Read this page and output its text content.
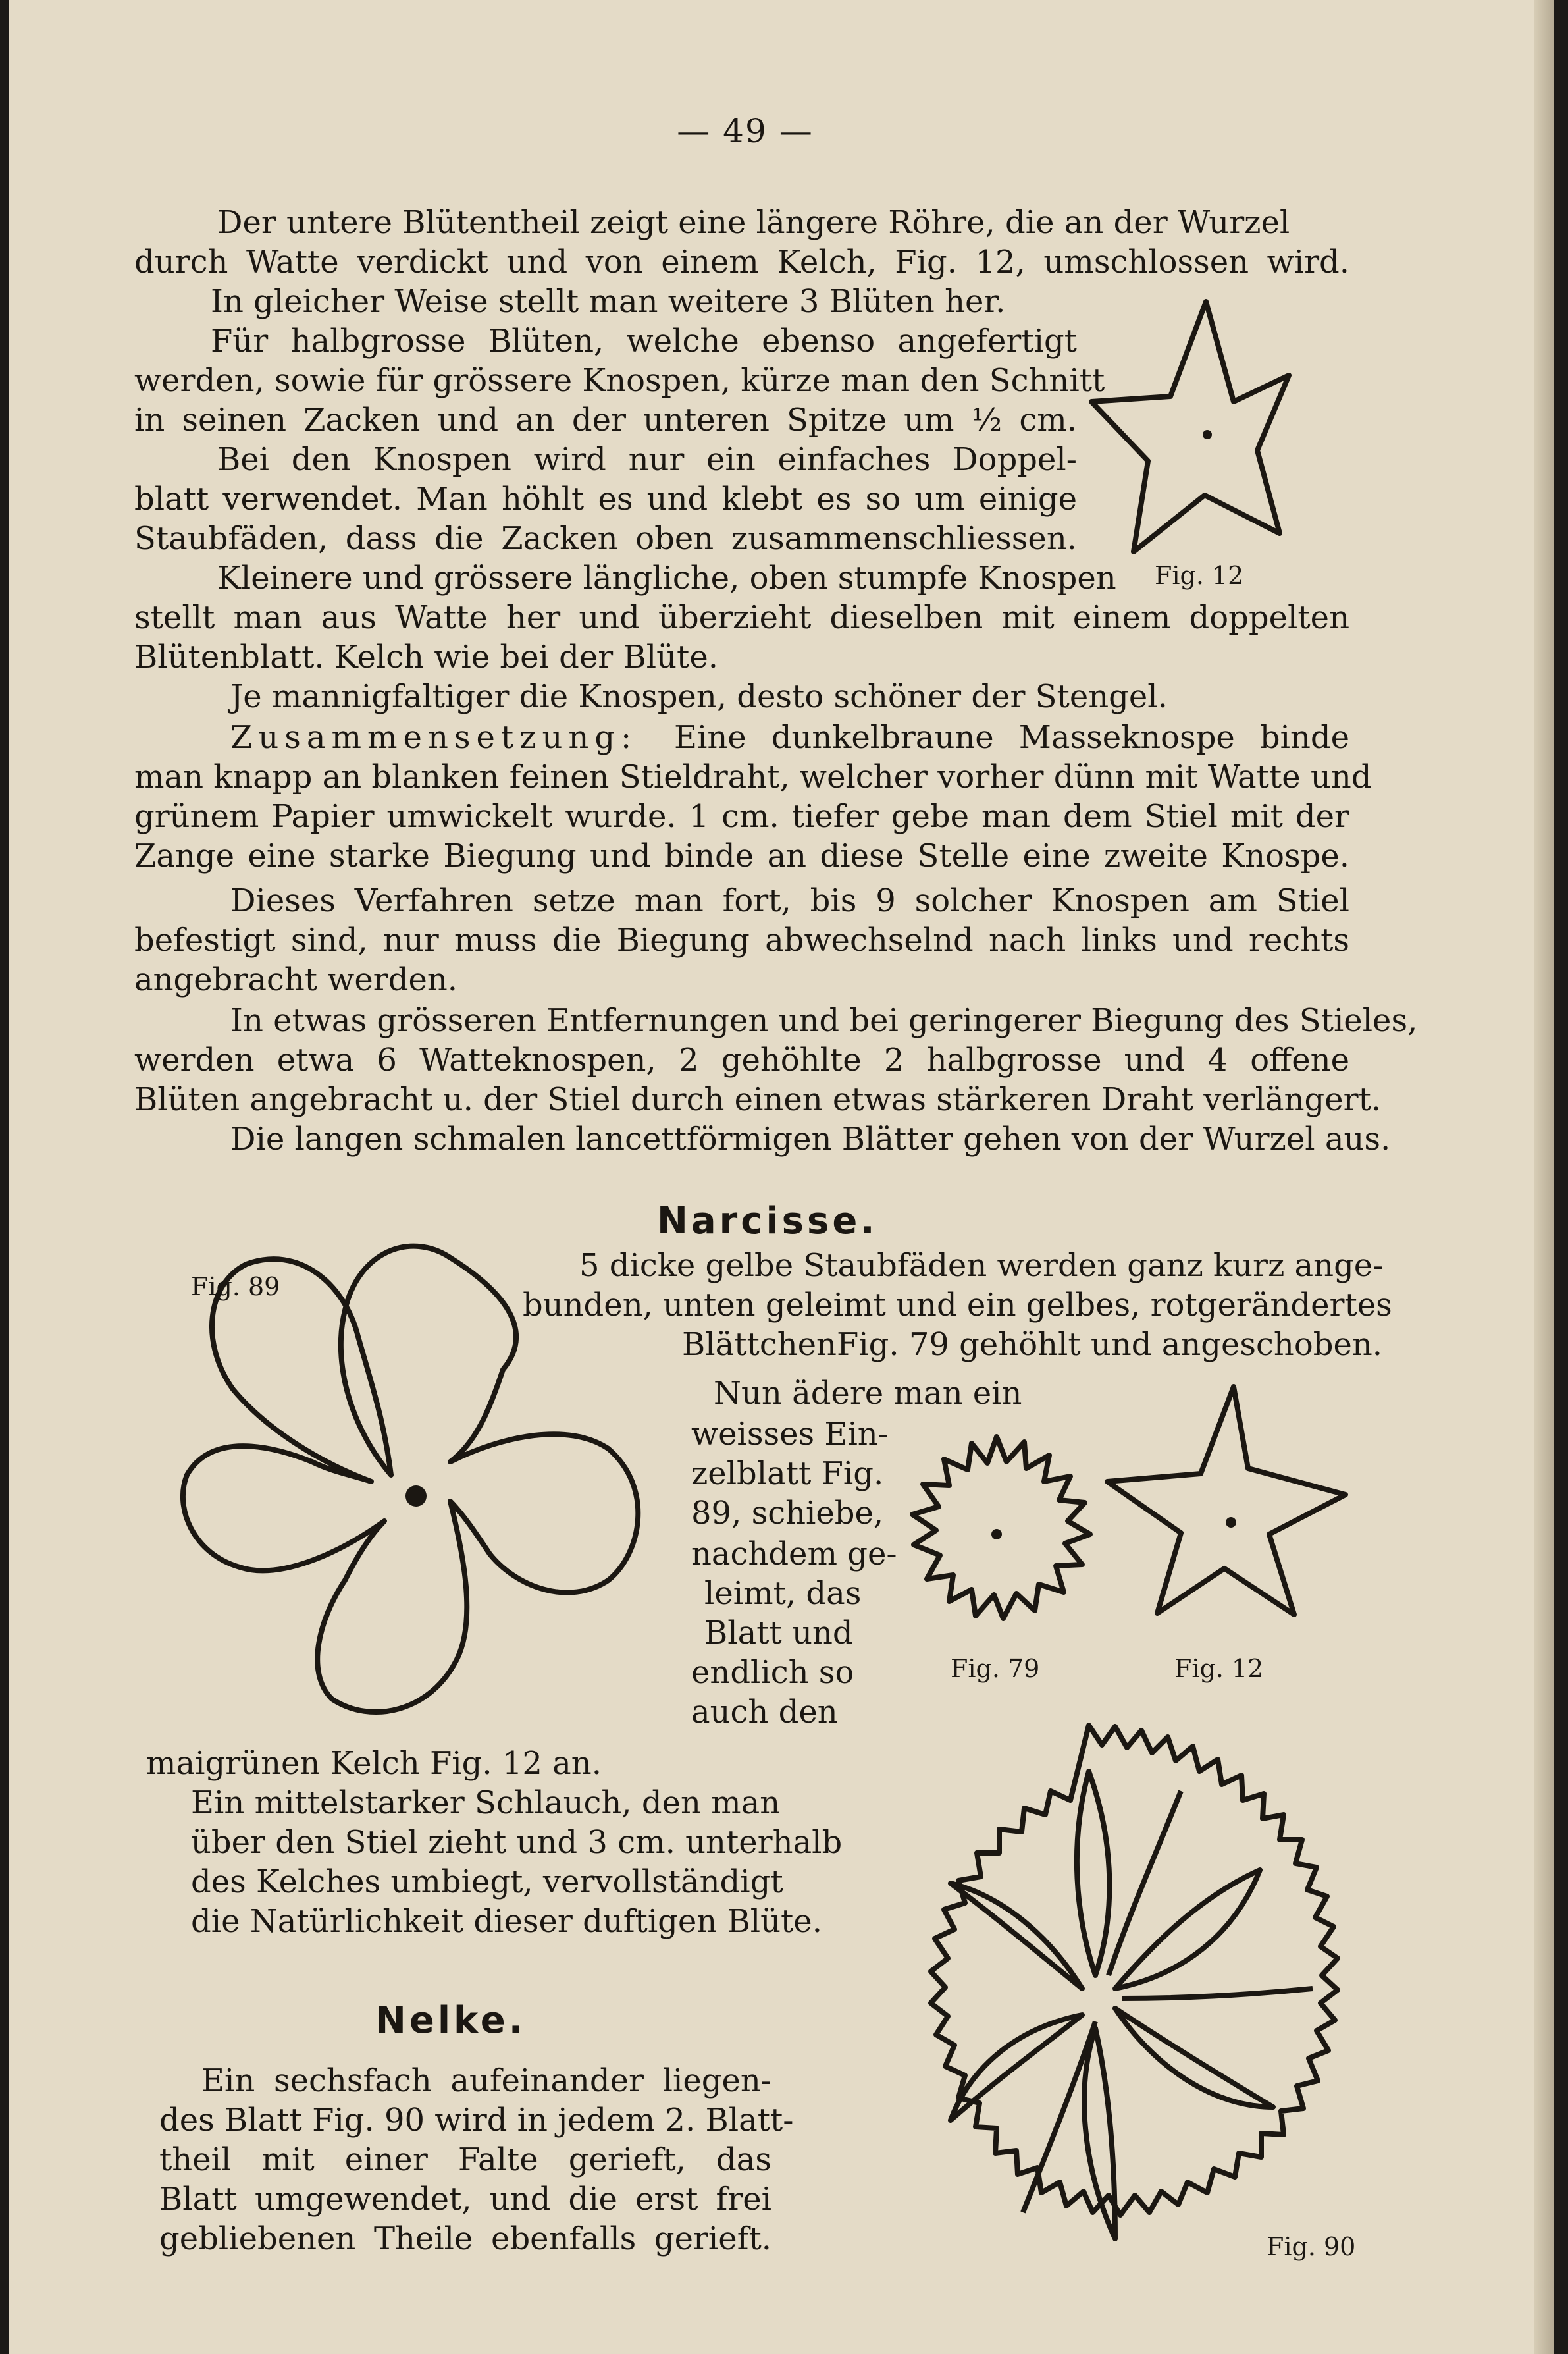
— 49 —
Der untere Blütentheil zeigt eine längere Röhre, die an der Wurzel
durch Watte verdickt und von einem Kelch, Fig. 12, umschlossen wird.
In gleicher Weise stellt man weitere 3 Blüten her.
Für halbgrosse Blüten, welche ebenso angefertigt
werden, sowie für grössere Knospen, kürze man den Schnitt
in seinen Zacken und an der unteren Spitze um ½ cm.
Bei den Knospen wird nur ein einfaches Doppel-
blatt verwendet. Man höhlt es und klebt es so um einige
Staubfäden, dass die Zacken oben zusammenschliessen.
Kleinere und grössere längliche, oben stumpfe Knospen
stellt man aus Watte her und überzieht dieselben mit einem doppelten
Blütenblatt. Kelch wie bei der Blüte.
Je mannigfaltiger die Knospen, desto schöner der Stengel.
Zusammensetzung: Eine dunkelbraune Masseknospe binde
man knapp an blanken feinen Stieldraht, welcher vorher dünn mit Watte und
grünem Papier umwickelt wurde. 1 cm. tiefer gebe man dem Stiel mit der
Zange eine starke Biegung und binde an diese Stelle eine zweite Knospe.
Dieses Verfahren setze man fort, bis 9 solcher Knospen am Stiel
befestigt sind, nur muss die Biegung abwechselnd nach links und rechts
angebracht werden.
In etwas grösseren Entfernungen und bei geringerer Biegung des Stieles,
werden etwa 6 Watteknospen, 2 gehöhlte 2 halbgrosse und 4 offene
Blüten angebracht u. der Stiel durch einen etwas stärkeren Draht verlängert.
Die langen schmalen lancettförmigen Blätter gehen von der Wurzel aus.
Fig. 12
Narcisse.
Fig. 89
5 dicke gelbe Staubfäden werden ganz kurz ange-
bunden, unten geleimt und ein gelbes, rotgerändertes
BlättchenFig. 79 gehöhlt und angeschoben.
Nun ädere man ein
weisses Ein-
zelblatt Fig.
89, schiebe,
nachdem ge-
leimt, das
Blatt und
endlich so
auch den
Fig. 79	Fig. 12
maigrünen Kelch Fig. 12 an.
Ein mittelstarker Schlauch, den man
über den Stiel zieht und 3 cm. unterhalb
des Kelches umbiegt, vervollständigt
die Natürlichkeit dieser duftigen Blüte.
Nelke.
Ein sechsfach aufeinander liegen-
des Blatt Fig. 90 wird in jedem 2. Blatt-
theil mit einer Falte gerieft, das
Blatt umgewendet, und die erst frei
gebliebenen Theile ebenfalls gerieft.	Fig. 90
